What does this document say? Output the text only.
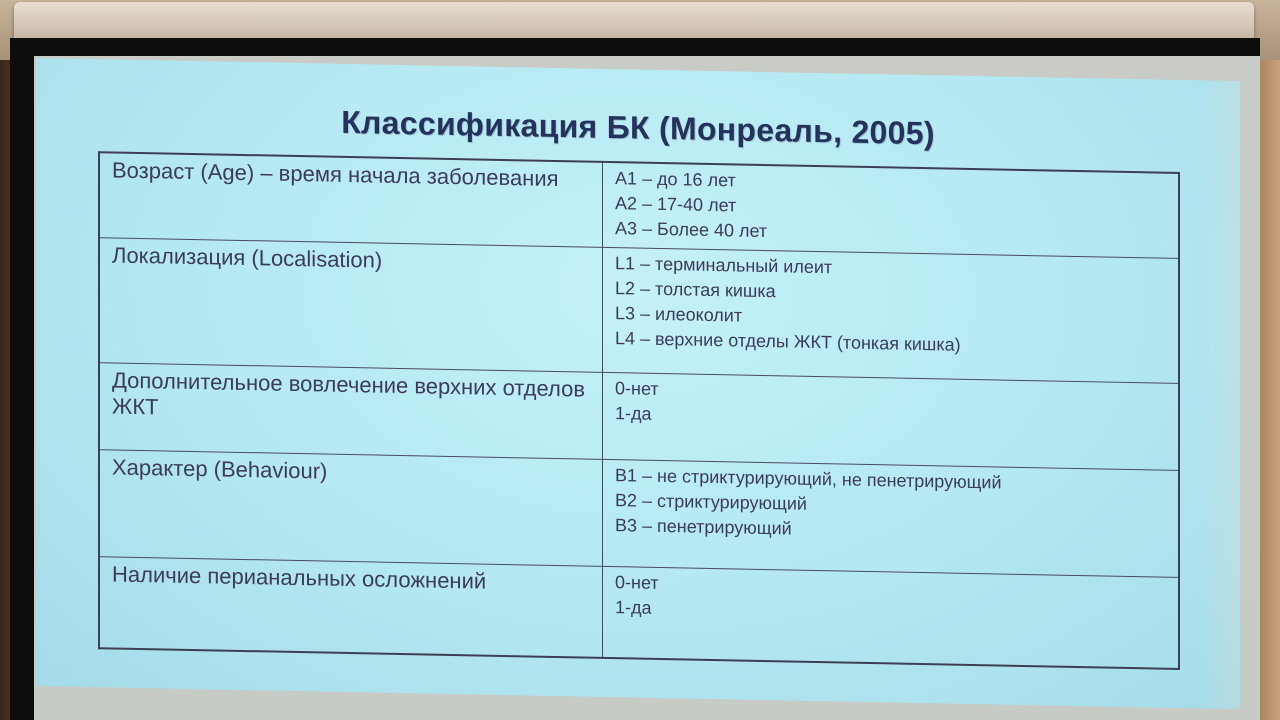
Классификация БК (Монреаль, 2005)
Возраст (Age) – время начала заболевания	A1 – до 16 лет
A2 – 17-40 лет
A3 – Более 40 лет

Локализация (Localisation)	L1 – терминальный илеит
L2 – толстая кишка
L3 – илеоколит
L4 – верхние отделы ЖКТ (тонкая кишка)

Дополнительное вовлечение верхних отделов ЖКТ	0-нет
1-да

Характер (Behaviour)	B1 – не стриктурирующий, не пенетрирующий
B2 – стриктурирующий
B3 – пенетрирующий

Наличие перианальных осложнений	0-нет
1-да
